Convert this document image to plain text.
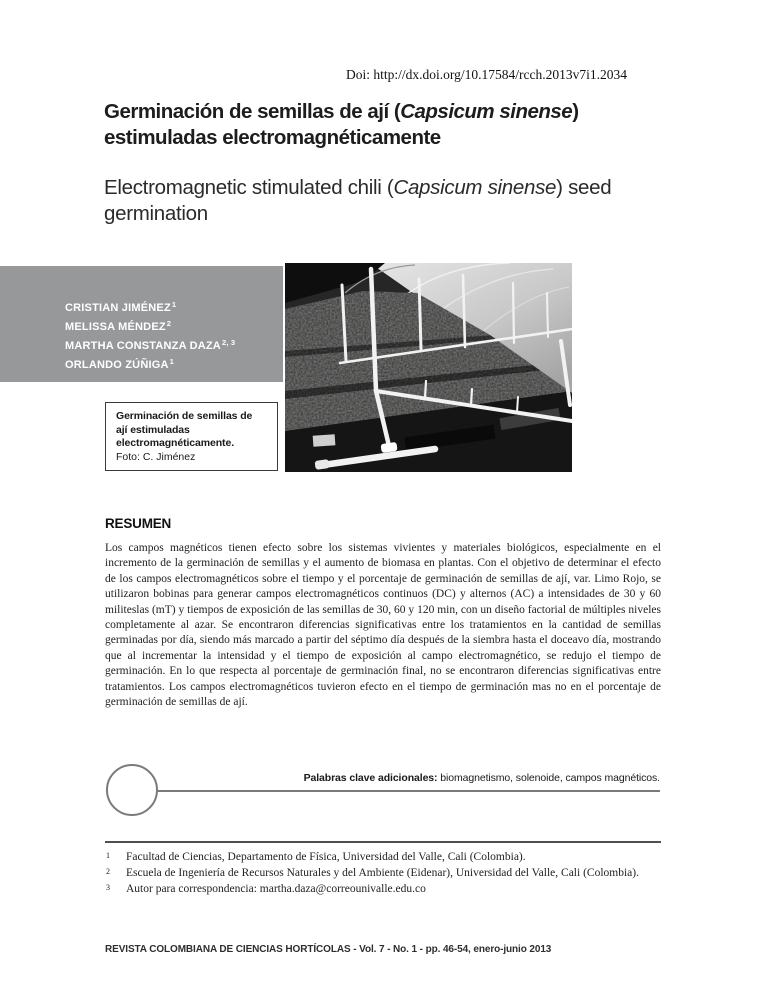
Doi: http://dx.doi.org/10.17584/rcch.2013v7i1.2034
Germinación de semillas de ají (Capsicum sinense)
estimuladas electromagnéticamente
Electromagnetic stimulated chili (Capsicum sinense) seed
germination
CRISTIAN JIMÉNEZ$^1$
MELISSA MÉNDEZ$^2$
MARTHA CONSTANZA DAZA$^{2, 3}$
ORLANDO ZÚÑIGA$^1$
Germinación de semillas de ají estimuladas electromagnéticamente.
Foto: C. Jiménez
RESUMEN
Los campos magnéticos tienen efecto sobre los sistemas vivientes y materiales biológicos, especialmente en el incremento de la germinación de semillas y el aumento de biomasa en plantas. Con el objetivo de determinar el efecto de los campos electromagnéticos sobre el tiempo y el porcentaje de germinación de semillas de ají, var. Limo Rojo, se utilizaron bobinas para generar campos electromagnéticos continuos (DC) y alternos (AC) a intensidades de 30 y 60 militeslas (mT) y tiempos de exposición de las semillas de 30, 60 y 120 min, con un diseño factorial de múltiples niveles completamente al azar. Se encontraron diferencias significativas entre los tratamientos en la cantidad de semillas germinadas por día, siendo más marcado a partir del séptimo día después de la siembra hasta el doceavo día, mostrando que al incrementar la intensidad y el tiempo de exposición al campo electromagnético, se redujo el tiempo de germinación. En lo que respecta al porcentaje de germinación final, no se encontraron diferencias significativas entre tratamientos. Los campos electromagnéticos tuvieron efecto en el tiempo de germinación mas no en el porcentaje de germinación de semillas de ají.
Palabras clave adicionales: biomagnetismo, solenoide, campos magnéticos.
1 Facultad de Ciencias, Departamento de Física, Universidad del Valle, Cali (Colombia).
2 Escuela de Ingeniería de Recursos Naturales y del Ambiente (Eidenar), Universidad del Valle, Cali (Colombia).
3 Autor para correspondencia: martha.daza@correounivalle.edu.co
REVISTA COLOMBIANA DE CIENCIAS HORTÍCOLAS - Vol. 7 - No. 1 - pp. 46-54, enero-junio 2013
